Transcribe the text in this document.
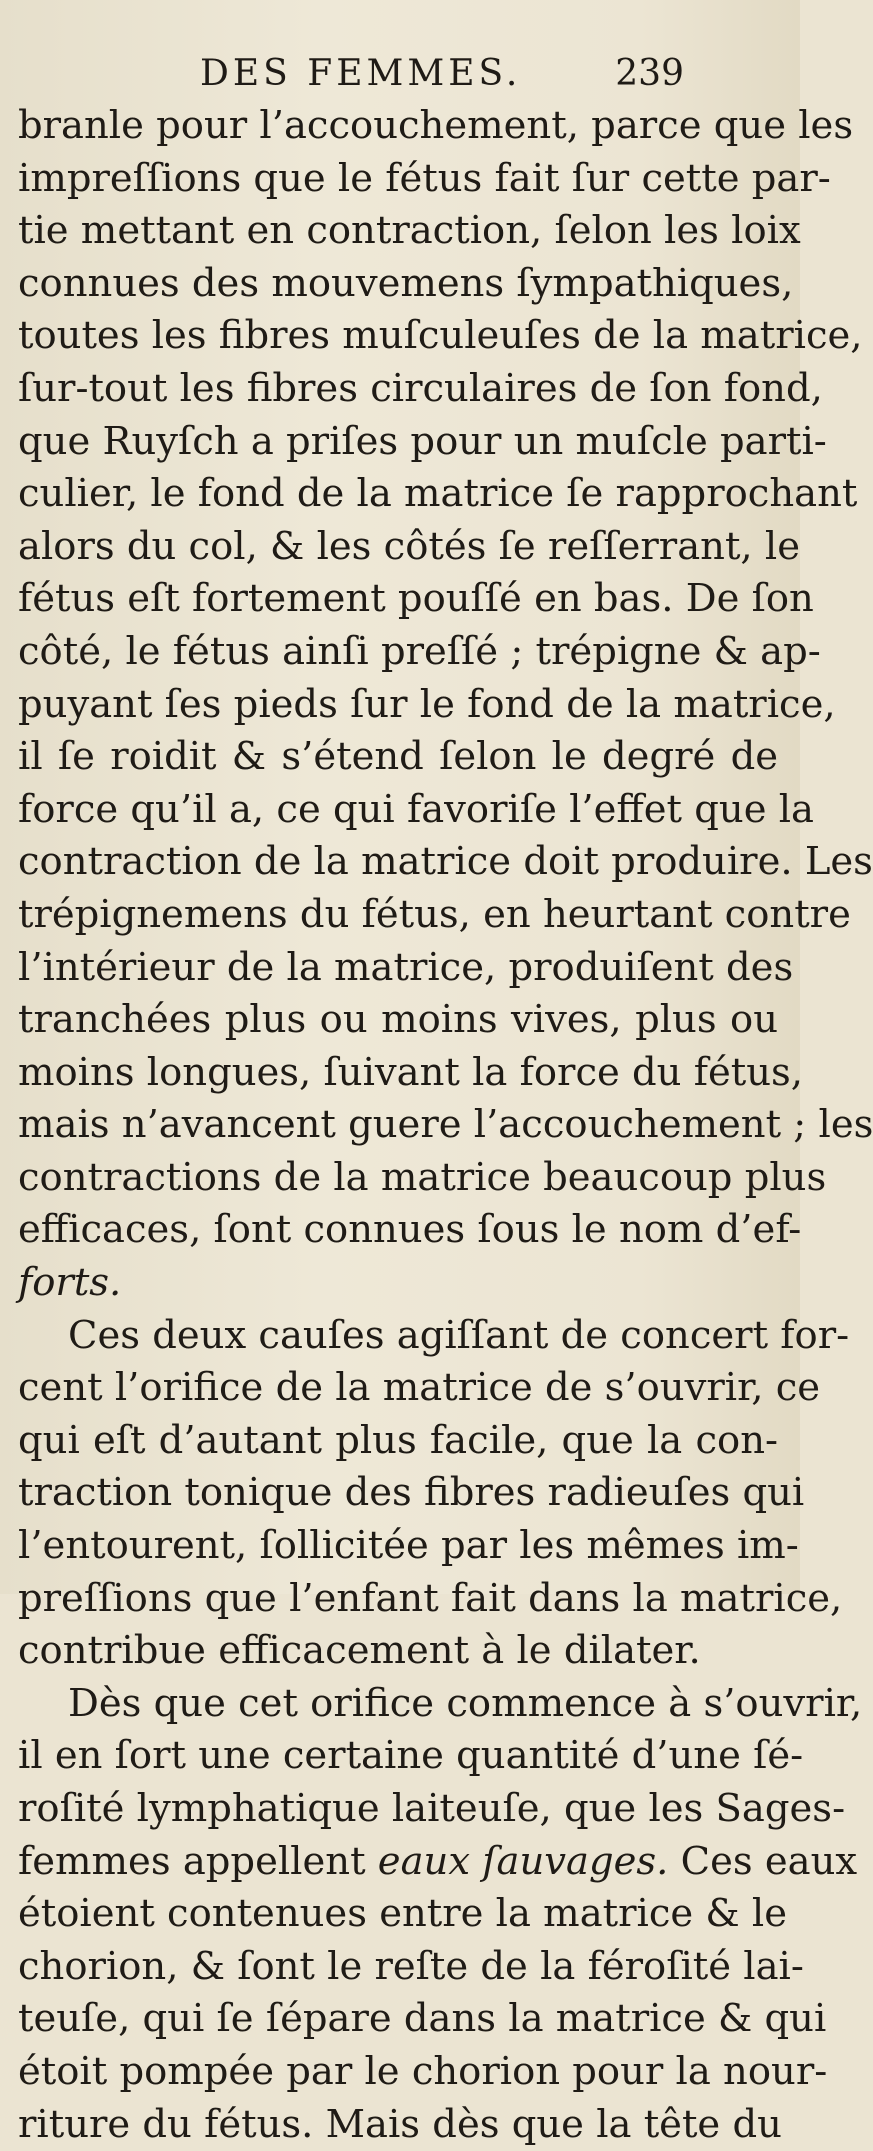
DES FEMMES.	239
branle pour l’accouchement, parce que les
impreſſions que le fétus fait ſur cette par-
tie mettant en contraction, ſelon les loix
connues des mouvemens ſympathiques,
toutes les fibres muſculeuſes de la matrice,
ſur-tout les fibres circulaires de ſon fond,
que Ruyſch a priſes pour un muſcle parti-
culier, le fond de la matrice ſe rapprochant
alors du col, & les côtés ſe reſſerrant, le
fétus eſt fortement pouſſé en bas. De ſon
côté, le fétus ainſi preſſé ; trépigne & ap-
puyant ſes pieds ſur le fond de la matrice,
il ſe roidit & s’étend ſelon le degré de
force qu’il a, ce qui favoriſe l’effet que la
contraction de la matrice doit produire. Les
trépignemens du fétus, en heurtant contre
l’intérieur de la matrice, produiſent des
tranchées plus ou moins vives, plus ou
moins longues, ſuivant la force du fétus,
mais n’avancent guere l’accouchement ; les
contractions de la matrice beaucoup plus
efficaces, ſont connues ſous le nom d’ef-
forts.
Ces deux cauſes agiſſant de concert for-
cent l’orifice de la matrice de s’ouvrir, ce
qui eſt d’autant plus facile, que la con-
traction tonique des fibres radieuſes qui
l’entourent, ſollicitée par les mêmes im-
preſſions que l’enfant fait dans la matrice,
contribue efficacement à le dilater.
Dès que cet orifice commence à s’ouvrir,
il en ſort une certaine quantité d’une ſé-
roſité lymphatique laiteuſe, que les Sages-
femmes appellent eaux ſauvages. Ces eaux
étoient contenues entre la matrice & le
chorion, & ſont le reſte de la féroſité lai-
teuſe, qui ſe ſépare dans la matrice & qui
étoit pompée par le chorion pour la nour-
riture du fétus. Mais dès que la tête du
